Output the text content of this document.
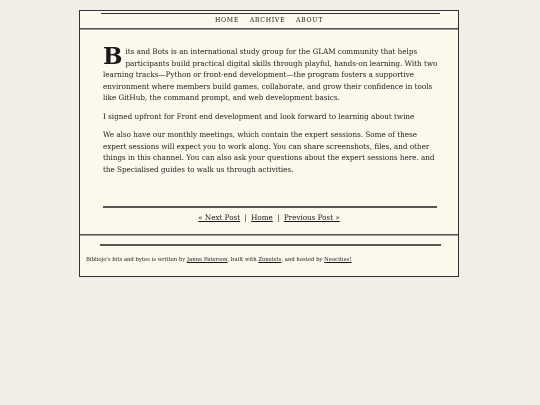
HOME ARCHIVE ABOUT

Bits and Bots is an international study group for the GLAM community that helps participants build practical digital skills through playful, hands-on learning. With two learning tracks—Python or front-end development—the program fosters a supportive environment where members build games, collaborate, and grow their confidence in tools like GitHub, the command prompt, and web development basics.

I signed upfront for Front end development and look forward to learning about twine

We also have our monthly meetings, which contain the expert sessions. Some of these expert sessions will expect you to work along. You can share screenshots, files, and other things in this channel. You can also ask your questions about the expert sessions here. and the Specialised guides to walk us through activities.

« Next Post | Home | Previous Post »
Bibliojo's bits and bytes is written by Janne Paterson, built with Zonelets, and hosted by Neocities!
